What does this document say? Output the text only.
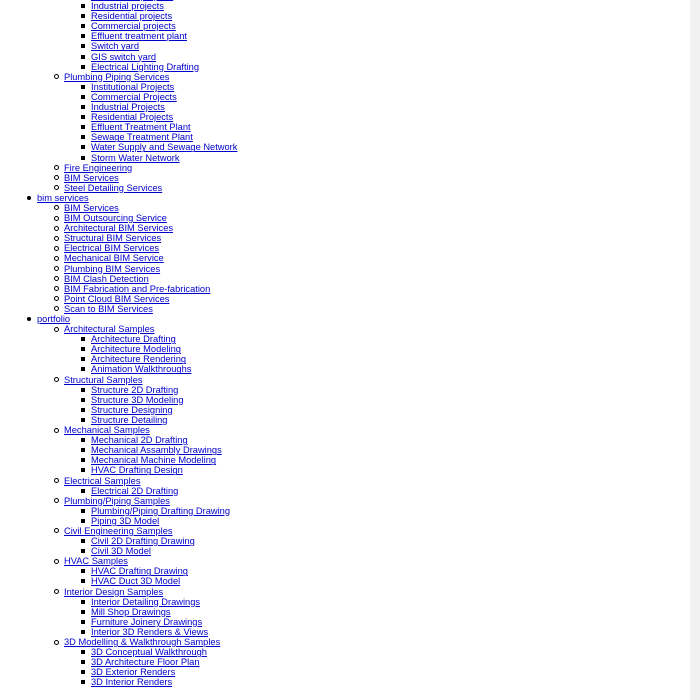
Industrial projects
Residential projects
Commercial projects
Effluent treatment plant
Switch yard
GIS switch yard
Electrical Lighting Drafting
Plumbing Piping Services
Institutional Projects
Commercial Projects
Industrial Projects
Residential Projects
Effluent Treatment Plant
Sewage Treatment Plant
Water Supply and Sewage Network
Storm Water Network
Fire Engineering
BIM Services
Steel Detailing Services
bim services
BIM Services
BIM Outsourcing Service
Architectural BIM Services
Structural BIM Services
Electrical BIM Services
Mechanical BIM Service
Plumbing BIM Services
BIM Clash Detection
BIM Fabrication and Pre-fabrication
Point Cloud BIM Services
Scan to BIM Services
portfolio
Architectural Samples
Architecture Drafting
Architecture Modeling
Architecture Rendering
Animation Walkthroughs
Structural Samples
Structure 2D Drafting
Structure 3D Modeling
Structure Designing
Structure Detailing
Mechanical Samples
Mechanical 2D Drafting
Mechanical Assambly Drawings
Mechanical Machine Modeling
HVAC Drafting Design
Electrical Samples
Electrical 2D Drafting
Plumbing/Piping Samples
Plumbing/Piping Drafting Drawing
Piping 3D Model
Civil Engineering Samples
Civil 2D Drafting Drawing
Civil 3D Model
HVAC Samples
HVAC Drafting Drawing
HVAC Duct 3D Model
Interior Design Samples
Interior Detailing Drawings
Mill Shop Drawings
Furniture Joinery Drawings
Interior 3D Renders & Views
3D Modelling & Walkthrough Samples
3D Conceptual Walkthrough
3D Architecture Floor Plan
3D Exterior Renders
3D Interior Renders
